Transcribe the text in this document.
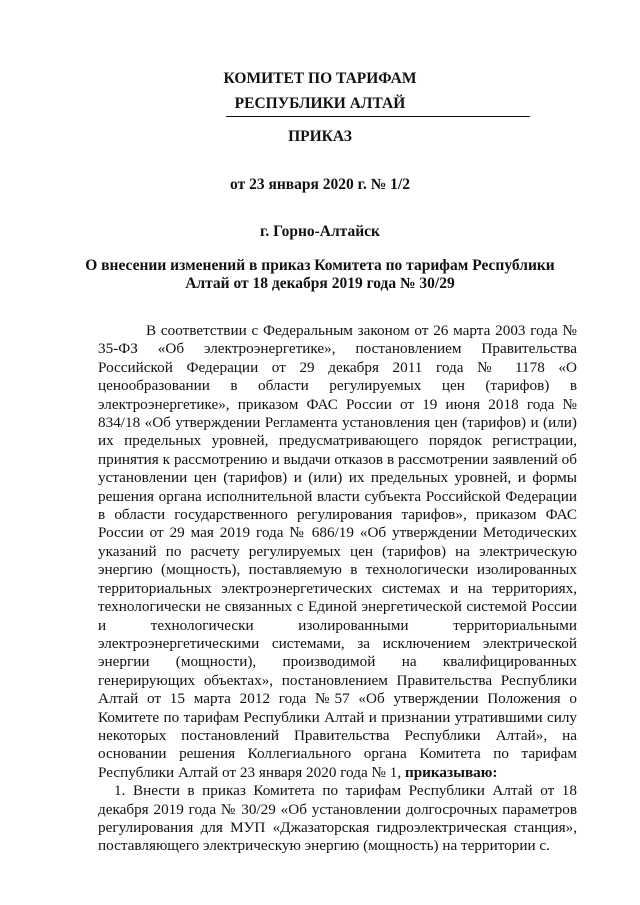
КОМИТЕТ ПО ТАРИФАМ
РЕСПУБЛИКИ АЛТАЙ
ПРИКАЗ
от 23 января 2020 г. № 1/2
г. Горно-Алтайск
О внесении изменений в приказ Комитета по тарифам Республики
Алтай от 18 декабря 2019 года № 30/29

В соответствии с Федеральным законом от 26 марта 2003 года № 35-ФЗ «Об электроэнергетике», постановлением Правительства Российской Федерации от 29 декабря 2011 года № 1178 «О ценообразовании в области регулируемых цен (тарифов) в электроэнергетике», приказом ФАС России от 19 июня 2018 года № 834/18 «Об утверждении Регламента установления цен (тарифов) и (или) их предельных уровней, предусматривающего порядок регистрации, принятия к рассмотрению и выдачи отказов в рассмотрении заявлений об установлении цен (тарифов) и (или) их предельных уровней, и формы решения органа исполнительной власти субъекта Российской Федерации в области государственного регулирования тарифов», приказом ФАС России от 29 мая 2019 года № 686/19 «Об утверждении Методических указаний по расчету регулируемых цен (тарифов) на электрическую энергию (мощность), поставляемую в технологически изолированных территориальных электроэнергетических системах и на территориях, технологически не связанных с Единой энергетической системой России и технологически изолированными территориальными электроэнергетическими системами, за исключением электрической энергии (мощности), производимой на квалифицированных генерирующих объектах», постановлением Правительства Республики Алтай от 15 марта 2012 года №57 «Об утверждении Положения о Комитете по тарифам Республики Алтай и признании утратившими силу некоторых постановлений Правительства Республики Алтай», на основании решения Коллегиального органа Комитета по тарифам Республики Алтай от 23 января 2020 года № 1, приказываю:

1. Внести в приказ Комитета по тарифам Республики Алтай от 18 декабря 2019 года № 30/29 «Об установлении долгосрочных параметров регулирования для МУП «Джазаторская гидроэлектрическая станция», поставляющего электрическую энергию (мощность) на территории с.
